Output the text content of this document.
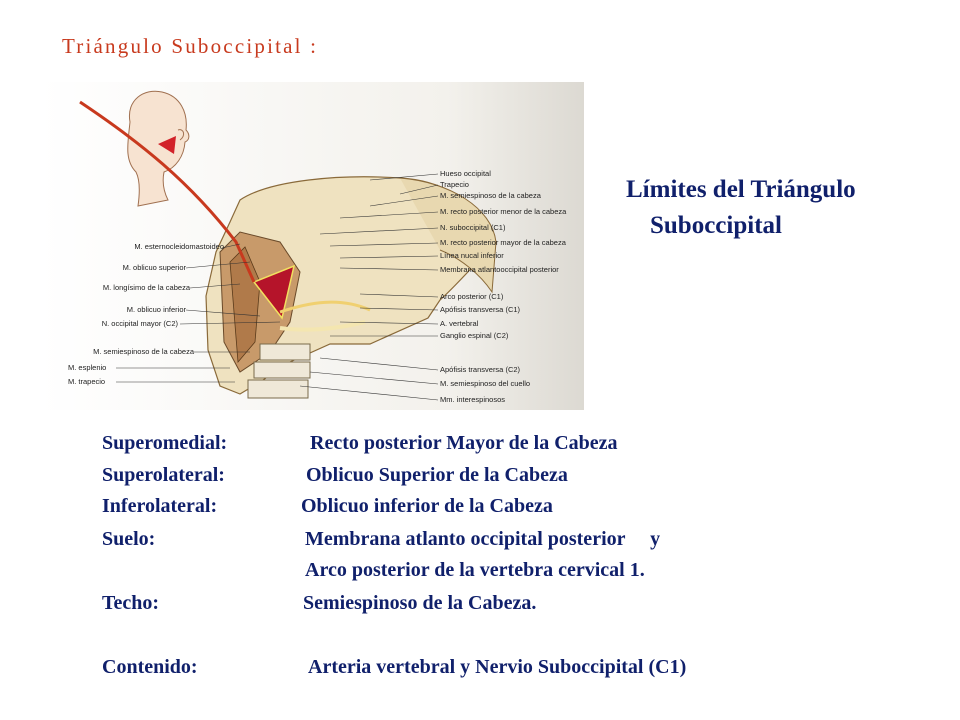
Triángulo Suboccipital :
M. esternocleidomastoideo
M. oblicuo superior
M. longísimo de la cabeza
M. oblicuo inferior
N. occipital mayor (C2)
M. semiespinoso de la cabeza
M. esplenio
M. trapecio
Hueso occipital
Trapecio
M. semiespinoso de la cabeza
M. recto posterior menor de la cabeza
N. suboccipital (C1)
M. recto posterior mayor de la cabeza
Línea nucal inferior
Membrana atlantooccipital posterior
Arco posterior (C1)
Apófisis transversa (C1)
A. vertebral
Ganglio espinal (C2)
Apófisis transversa (C2)
M. semiespinoso del cuello
Mm. interespinosos
Límites del Triángulo
Suboccipital
Superomedial:	Recto posterior Mayor de la Cabeza
Superolateral:	Oblicuo Superior de la Cabeza
Inferolateral:	Oblicuo inferior de la Cabeza
Suelo:	Membrana atlanto occipital posterior     y
Arco posterior de la vertebra cervical 1.
Techo:	Semiespinoso de la Cabeza.
Contenido:	Arteria vertebral y Nervio Suboccipital (C1)
